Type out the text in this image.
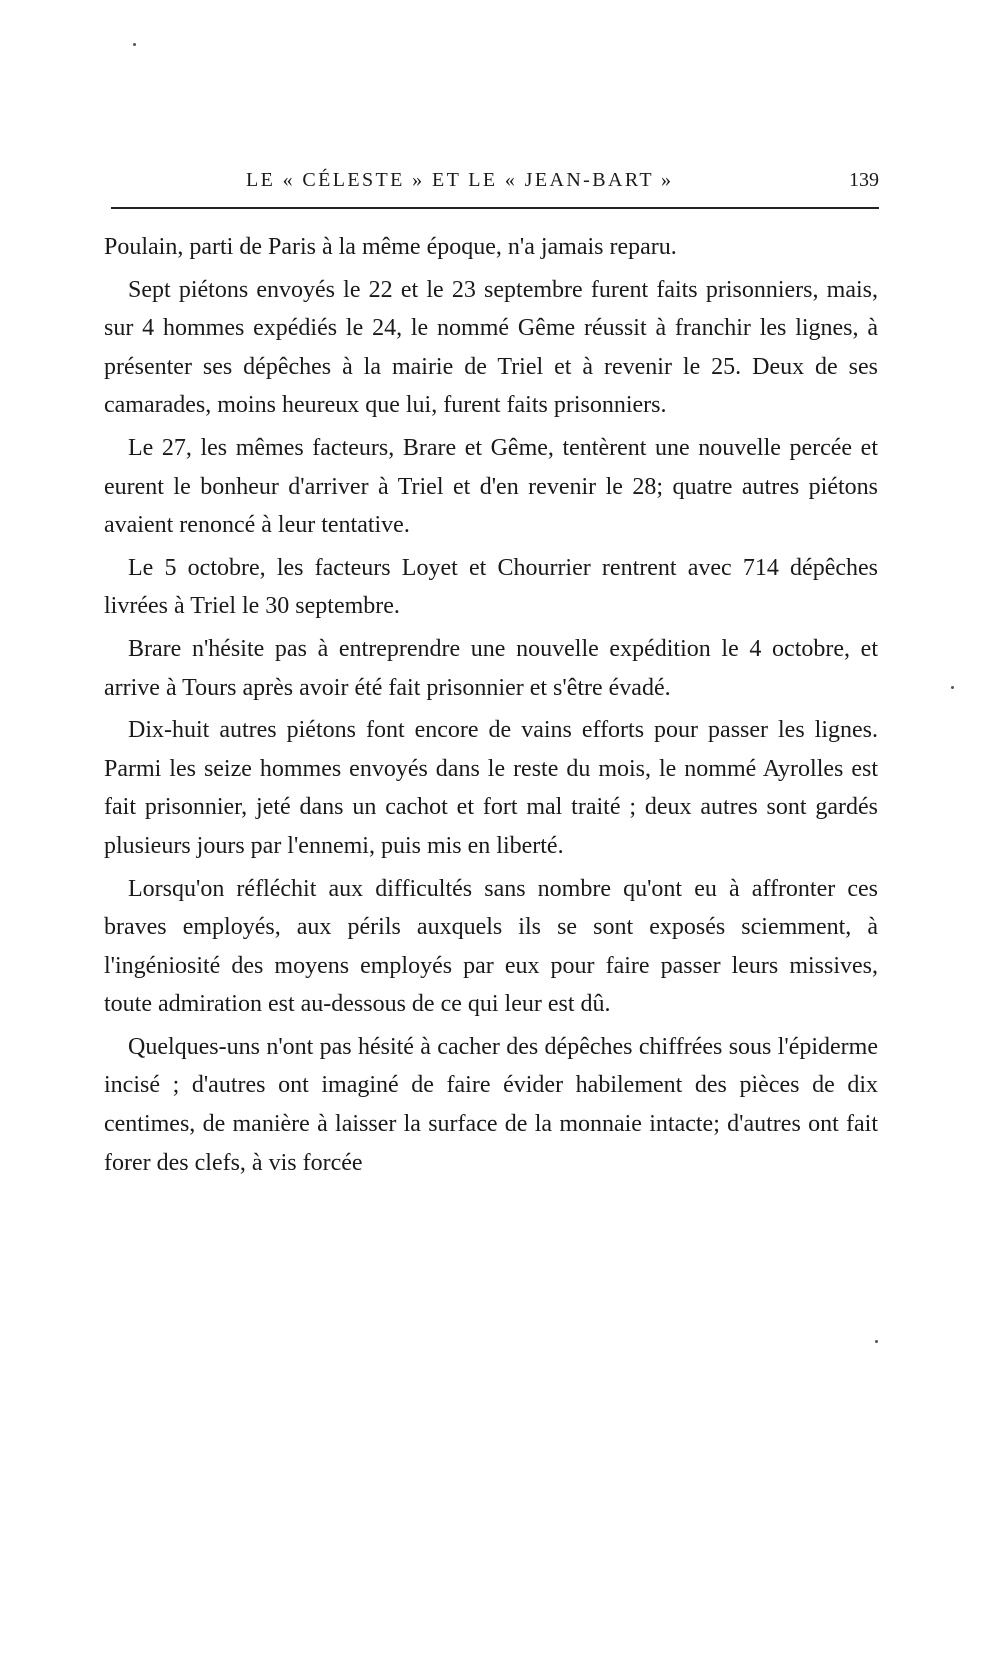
LE « CÉLESTE » ET LE « JEAN-BART »	139

Poulain, parti de Paris à la même époque, n'a jamais reparu.

Sept piétons envoyés le 22 et le 23 septembre furent faits prisonniers, mais, sur 4 hommes expédiés le 24, le nommé Gême réussit à franchir les lignes, à présenter ses dépêches à la mairie de Triel et à revenir le 25. Deux de ses camarades, moins heureux que lui, furent faits prisonniers.

Le 27, les mêmes facteurs, Brare et Gême, tentèrent une nouvelle percée et eurent le bonheur d'arriver à Triel et d'en revenir le 28; quatre autres piétons avaient renoncé à leur tentative.

Le 5 octobre, les facteurs Loyet et Chourrier rentrent avec 714 dépêches livrées à Triel le 30 septembre.

Brare n'hésite pas à entreprendre une nouvelle expédition le 4 octobre, et arrive à Tours après avoir été fait prisonnier et s'être évadé.

Dix-huit autres piétons font encore de vains efforts pour passer les lignes. Parmi les seize hommes envoyés dans le reste du mois, le nommé Ayrolles est fait prisonnier, jeté dans un cachot et fort mal traité ; deux autres sont gardés plusieurs jours par l'ennemi, puis mis en liberté.

Lorsqu'on réfléchit aux difficultés sans nombre qu'ont eu à affronter ces braves employés, aux périls auxquels ils se sont exposés sciemment, à l'ingéniosité des moyens employés par eux pour faire passer leurs missives, toute admiration est au-dessous de ce qui leur est dû.

Quelques-uns n'ont pas hésité à cacher des dépêches chiffrées sous l'épiderme incisé ; d'autres ont imaginé de faire évider habilement des pièces de dix centimes, de manière à laisser la surface de la monnaie intacte; d'autres ont fait forer des clefs, à vis forcée
